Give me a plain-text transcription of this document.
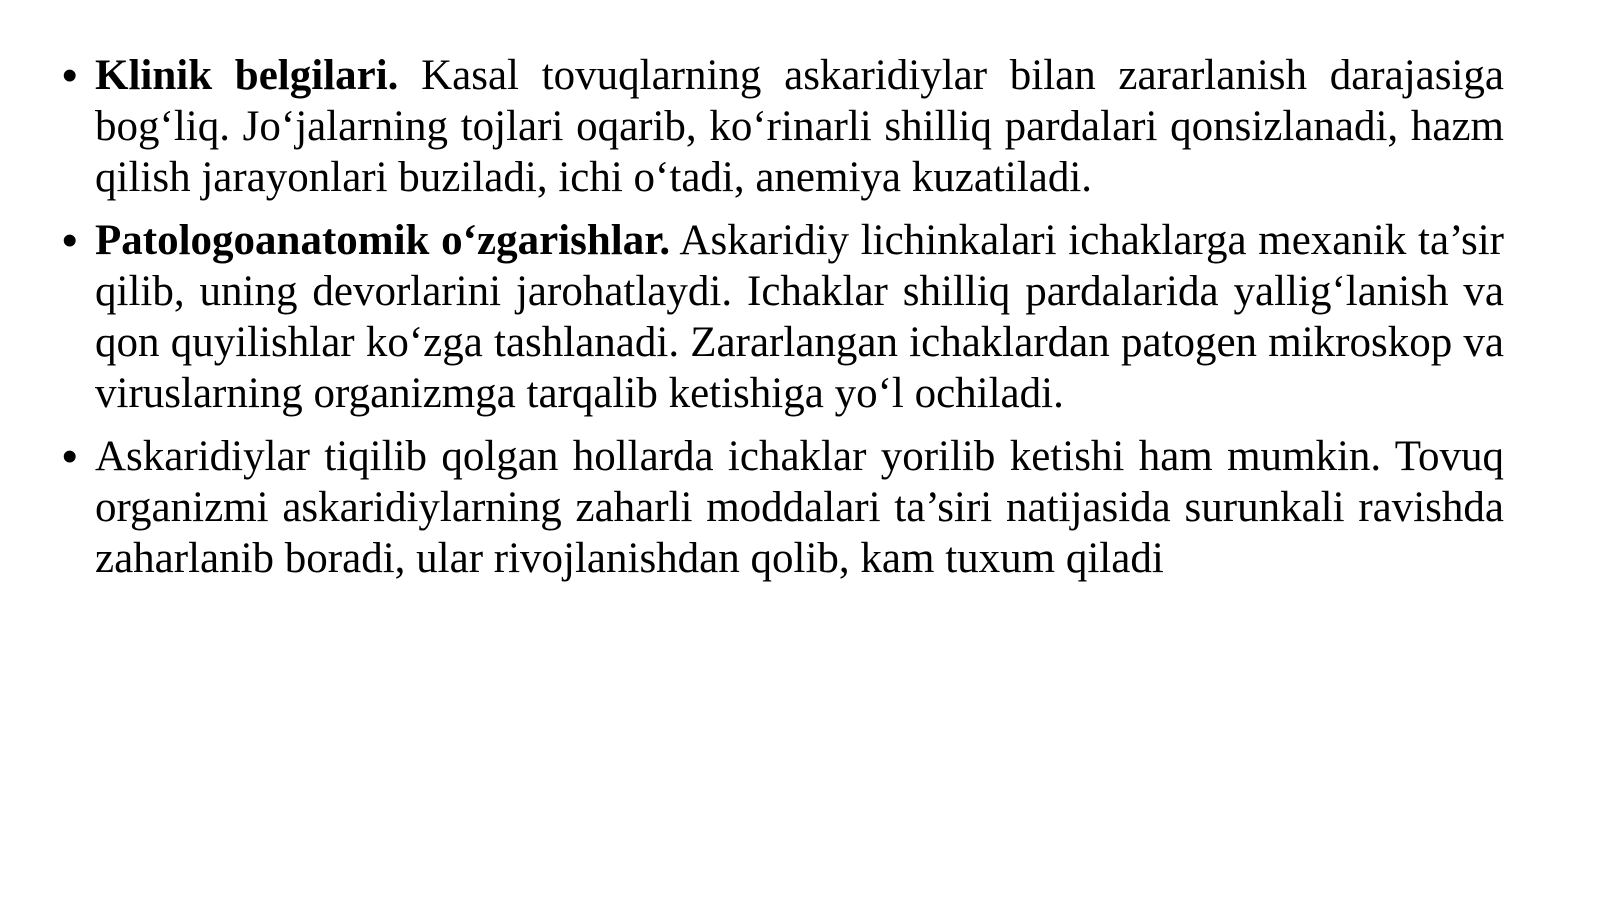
• Klinik belgilari. Kasal tovuqlarning askaridiylar bilan zararlanish darajasiga bog‘liq. Jo‘jalarning tojlari oqarib, ko‘rinarli shilliq pardalari qonsizlanadi, hazm qilish jarayonlari buziladi, ichi o‘tadi, anemiya kuzatiladi.

• Patologoanatomik o‘zgarishlar. Askaridiy lichinkalari ichaklarga mexanik ta’sir qilib, uning devorlarini jarohatlaydi. Ichaklar shilliq pardalarida yallig‘lanish va qon quyilishlar ko‘zga tashlanadi. Zararlangan ichaklardan patogen mikroskop va viruslarning organizmga tarqalib ketishiga yo‘l ochiladi.

• Askaridiylar tiqilib qolgan hollarda ichaklar yorilib ketishi ham mumkin. Tovuq organizmi askaridiylarning zaharli moddalari ta’siri natijasida surunkali ravishda zaharlanib boradi, ular rivojlanishdan qolib, kam tuxum qiladi
